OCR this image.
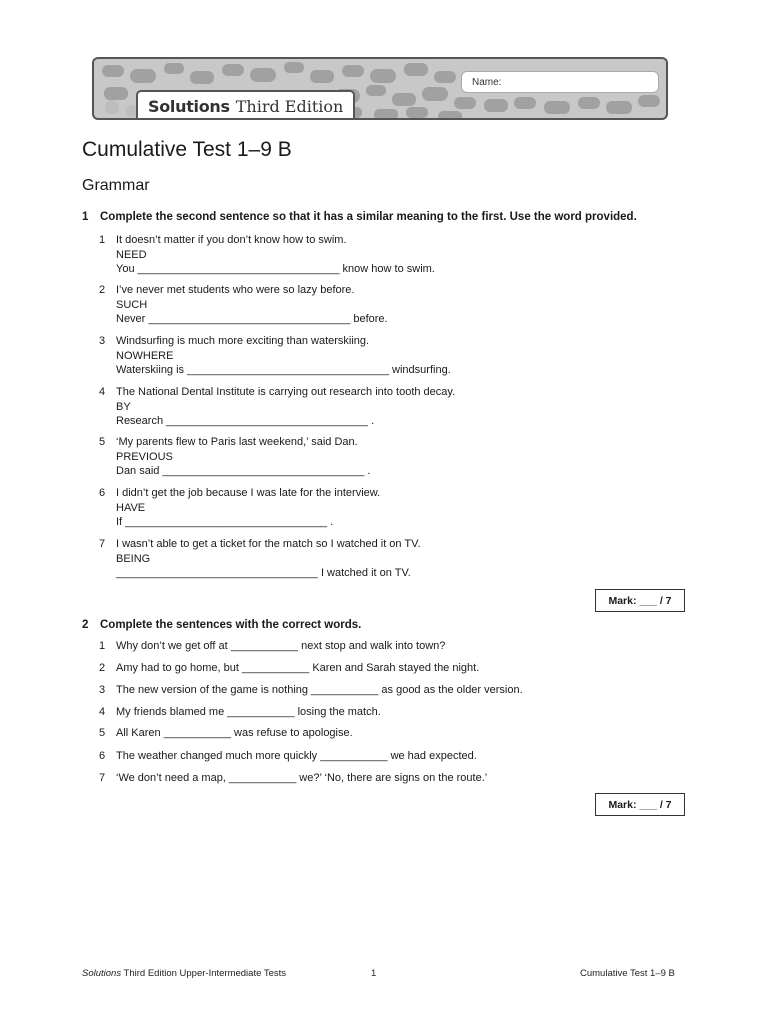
Name:
Solutions Third Edition
Cumulative Test 1–9 B
Grammar

1 Complete the second sentence so that it has a similar meaning to the first. Use the word provided.

1 It doesn’t matter if you don’t know how to swim.
NEED
You _________________________________ know how to swim.
2 I’ve never met students who were so lazy before.
SUCH
Never _________________________________ before.
3 Windsurfing is much more exciting than waterskiing.
NOWHERE
Waterskiing is _________________________________ windsurfing.
4 The National Dental Institute is carrying out research into tooth decay.
BY
Research _________________________________ .
5 ‘My parents flew to Paris last weekend,’ said Dan.
PREVIOUS
Dan said _________________________________ .
6 I didn’t get the job because I was late for the interview.
HAVE
If _________________________________ .
7 I wasn’t able to get a ticket for the match so I watched it on TV.
BEING
_________________________________ I watched it on TV.
Mark: ___ / 7

2 Complete the sentences with the correct words.

1 Why don’t we get off at ___________ next stop and walk into town?
2 Amy had to go home, but ___________ Karen and Sarah stayed the night.
3 The new version of the game is nothing ___________ as good as the older version.
4 My friends blamed me ___________ losing the match.
5 All Karen ___________ was refuse to apologise.
6 The weather changed much more quickly ___________ we had expected.
7 ‘We don’t need a map, ___________ we?’ ‘No, there are signs on the route.’
Mark: ___ / 7
Solutions Third Edition Upper-Intermediate Tests	1	Cumulative Test 1–9 B
